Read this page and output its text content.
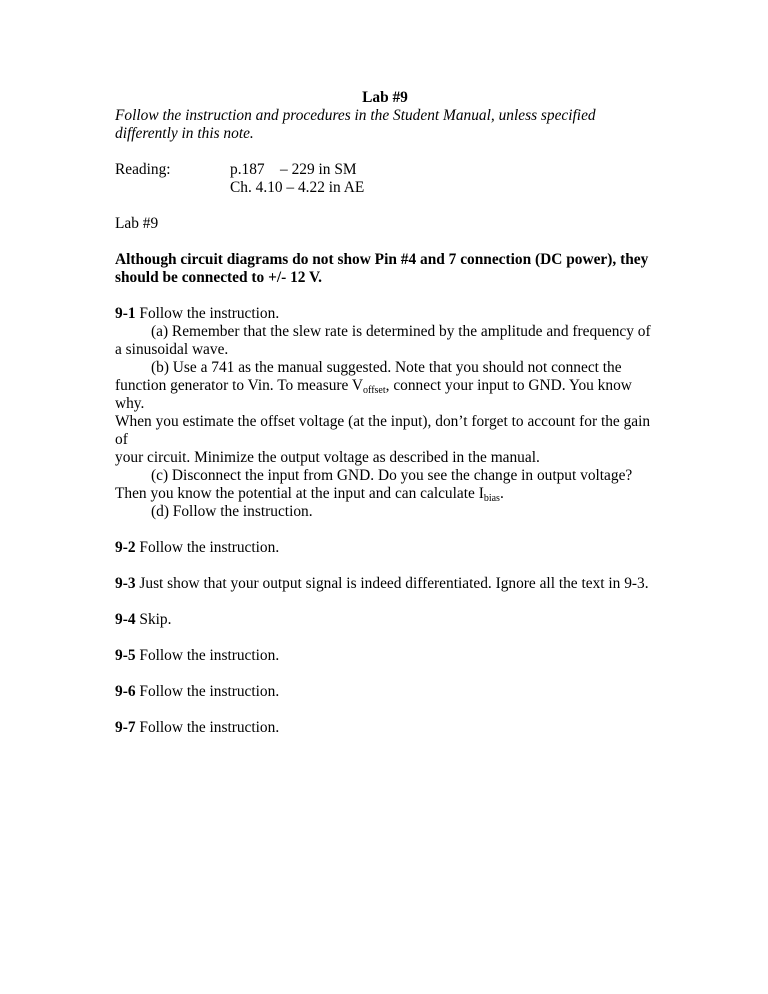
Lab #9

Follow the instruction and procedures in the Student Manual, unless specified differently in this note.

Reading:	p.187    – 229 in SM
Ch. 4.10 – 4.22 in AE

Lab #9

Although circuit diagrams do not show Pin #4 and 7 connection (DC power), they should be connected to +/- 12 V.

9-1 Follow the instruction.

(a) Remember that the slew rate is determined by the amplitude and frequency of

a sinusoidal wave.

(b) Use a 741 as the manual suggested. Note that you should not connect the

function generator to Vin. To measure $V_{offset}$, connect your input to GND. You know why.

When you estimate the offset voltage (at the input), don’t forget to account for the gain of

your circuit. Minimize the output voltage as described in the manual.

(c) Disconnect the input from GND. Do you see the change in output voltage?

Then you know the potential at the input and can calculate $I_{bias}$.

(d) Follow the instruction.

9-2 Follow the instruction.

9-3 Just show that your output signal is indeed differentiated. Ignore all the text in 9-3.

9-4 Skip.

9-5 Follow the instruction.

9-6 Follow the instruction.

9-7 Follow the instruction.
